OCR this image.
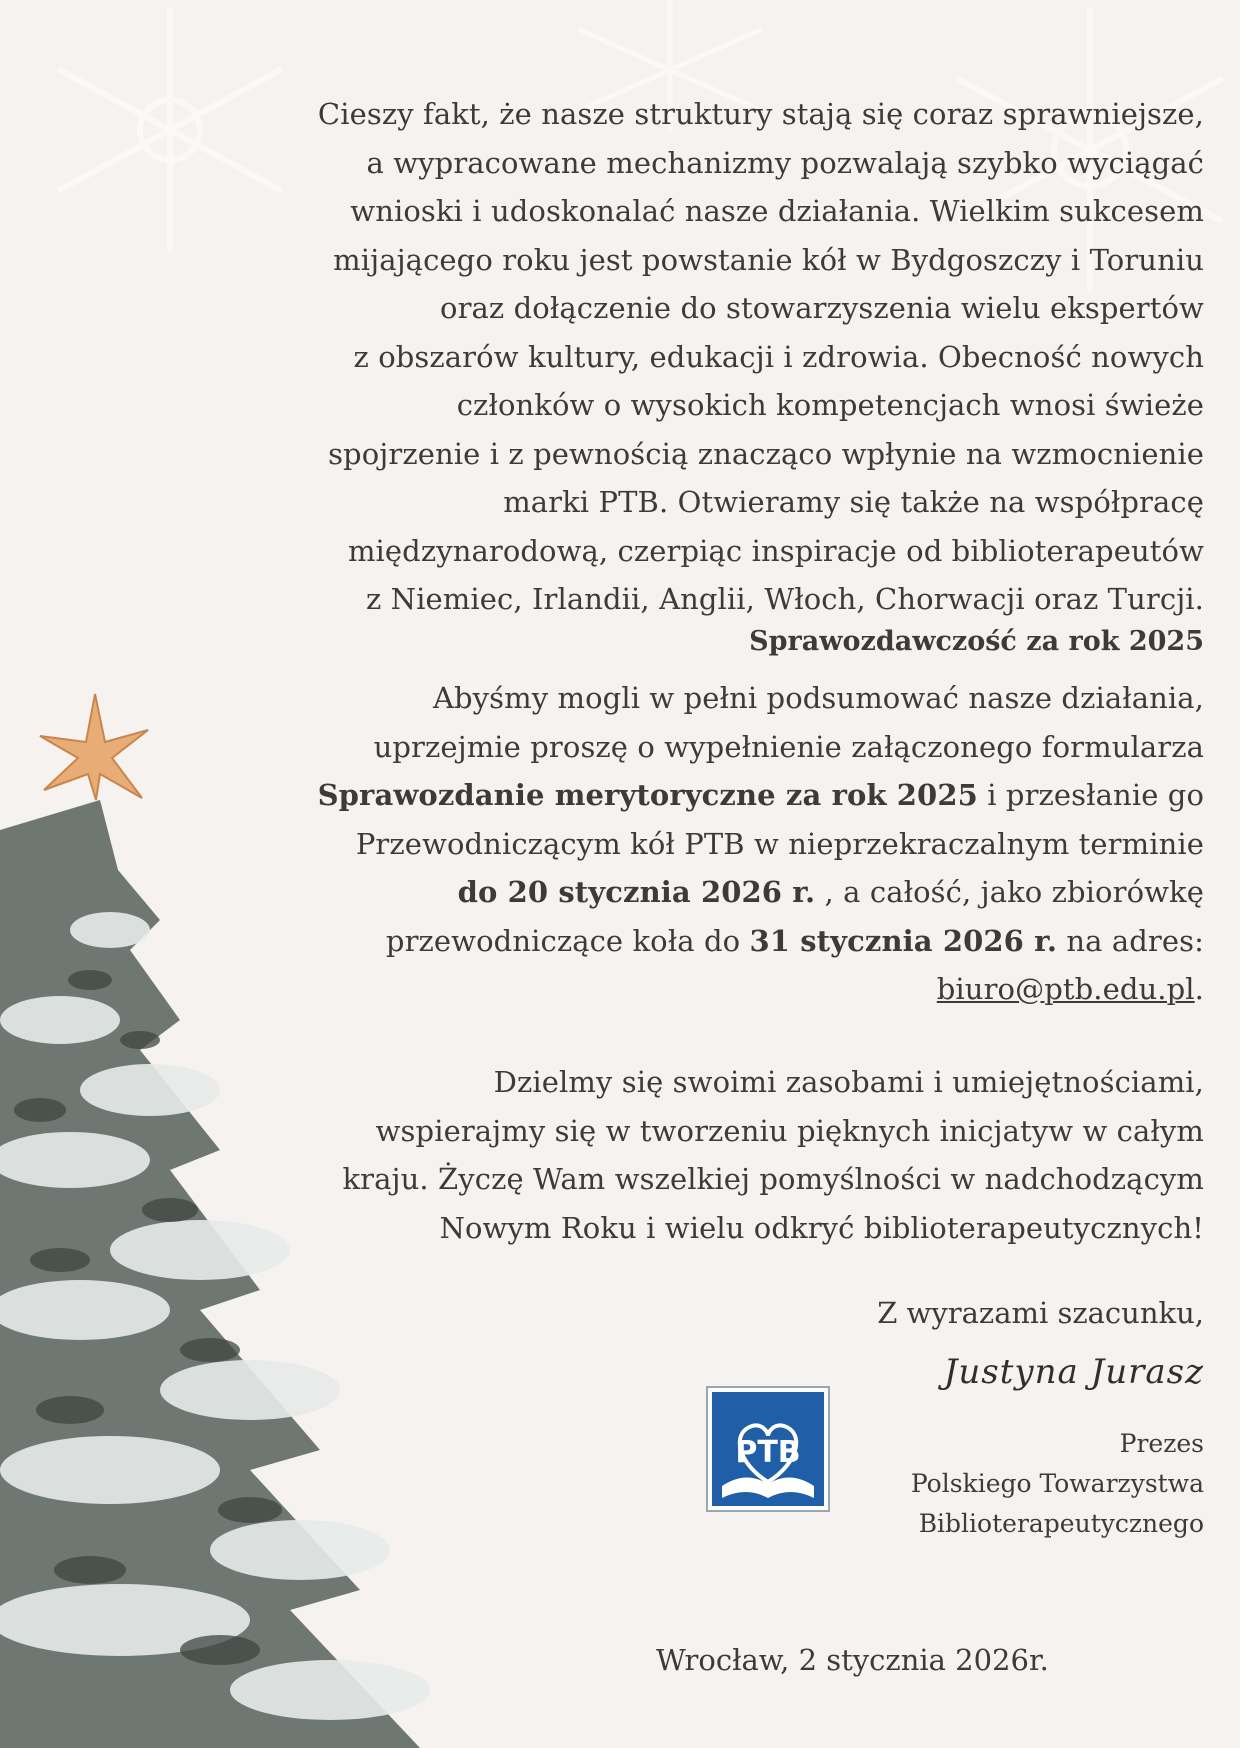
Cieszy fakt, że nasze struktury stają się coraz sprawniejsze,
a wypracowane mechanizmy pozwalają szybko wyciągać
wnioski i udoskonalać nasze działania. Wielkim sukcesem
mijającego roku jest powstanie kół w Bydgoszczy i Toruniu
oraz dołączenie do stowarzyszenia wielu ekspertów
z obszarów kultury, edukacji i zdrowia. Obecność nowych
członków o wysokich kompetencjach wnosi świeże
spojrzenie i z pewnością znacząco wpłynie na wzmocnienie
marki PTB. Otwieramy się także na współpracę
międzynarodową, czerpiąc inspiracje od biblioterapeutów
z Niemiec, Irlandii, Anglii, Włoch, Chorwacji oraz Turcji.
Sprawozdawczość za rok 2025
Abyśmy mogli w pełni podsumować nasze działania,
uprzejmie proszę o wypełnienie załączonego formularza
Sprawozdanie merytoryczne za rok 2025 i przesłanie go
Przewodniczącym kół PTB w nieprzekraczalnym terminie
do 20 stycznia 2026 r. , a całość, jako zbiorówkę
przewodniczące koła do 31 stycznia 2026 r. na adres:
biuro@ptb.edu.pl.
Dzielmy się swoimi zasobami i umiejętnościami,
wspierajmy się w tworzeniu pięknych inicjatyw w całym
kraju. Życzę Wam wszelkiej pomyślności w nadchodzącym
Nowym Roku i wielu odkryć biblioterapeutycznych!
Z wyrazami szacunku,
Justyna Jurasz
PTB	Prezes
Polskiego Towarzystwa
Biblioterapeutycznego
Wrocław, 2 stycznia 2026r.
